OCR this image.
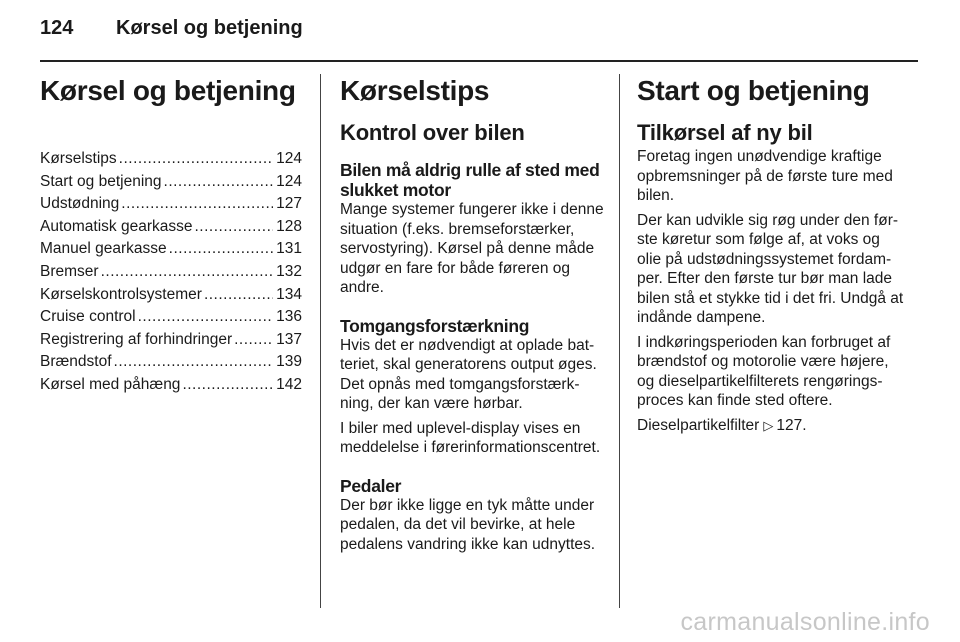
124	Kørsel og betjening
Kørsel og betjening
Kørselstips .....	124
Start og betjening .....	124
Udstødning .....	127
Automatisk gearkasse .....	128
Manuel gearkasse .....	131
Bremser .....	132
Kørselskontrolsystemer .....	134
Cruise control .....	136
Registrering af forhindringer .....	137
Brændstof .....	139
Kørsel med påhæng .....	142
Kørselstips
Kontrol over bilen
Bilen må aldrig rulle af sted med slukket motor

Mange systemer fungerer ikke i denne situation (f.eks. bremseforstærker, servostyring). Kørsel på denne måde udgør en fare for både føreren og andre.

Tomgangsforstærkning

Hvis det er nødvendigt at oplade batteriet, skal generatorens output øges. Det opnås med tomgangsforstærkning, der kan være hørbar.

I biler med uplevel-display vises en meddelelse i førerinformationscentret.

Pedaler

Der bør ikke ligge en tyk måtte under pedalen, da det vil bevirke, at hele pedalens vandring ikke kan udnyttes.

Start og betjening
Tilkørsel af ny bil

Foretag ingen unødvendige kraftige opbremsninger på de første ture med bilen.

Der kan udvikle sig røg under den første køretur som følge af, at voks og olie på udstødningssystemet fordamper. Efter den første tur bør man lade bilen stå et stykke tid i det fri. Undgå at indånde dampene.

I indkøringsperioden kan forbruget af brændstof og motorolie være højere, og dieselpartikelfilterets rengøringsproces kan finde sted oftere.

Dieselpartikelfilter ▷ 127.

carmanualsonline.info
